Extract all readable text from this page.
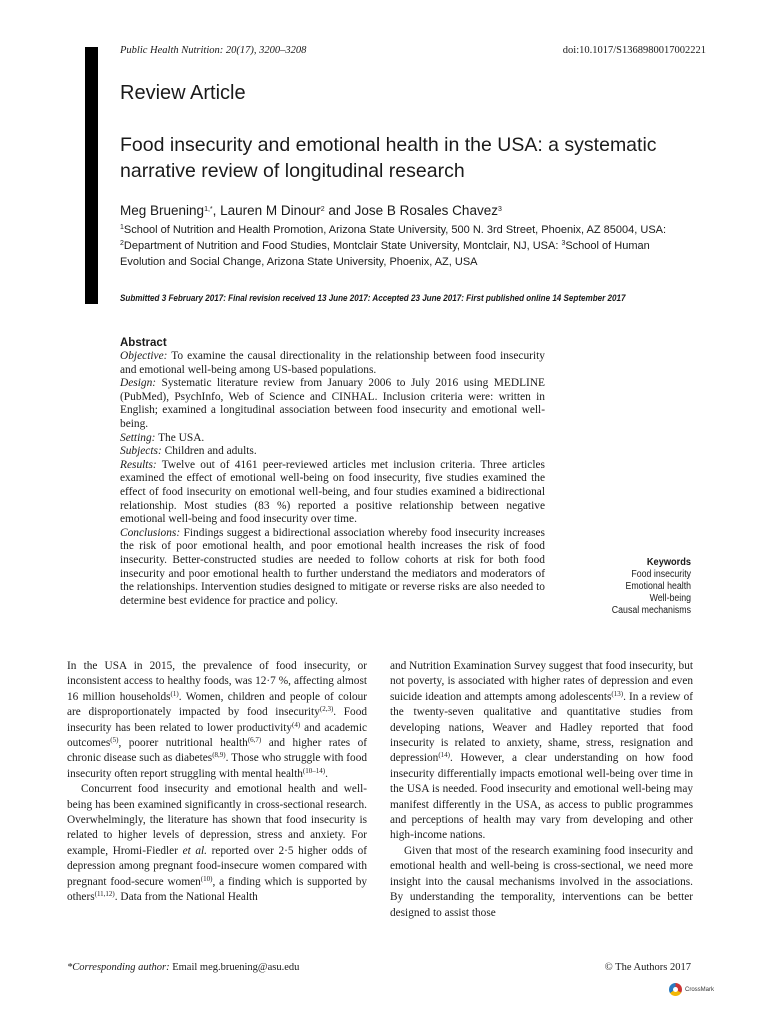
Public Health Nutrition: 20(17), 3200–3208	doi:10.1017/S1368980017002221
Review Article
Food insecurity and emotional health in the USA: a systematic narrative review of longitudinal research
Meg Bruening$^{1,*}$, Lauren M Dinour$^2$ and Jose B Rosales Chavez$^3$
$^1$School of Nutrition and Health Promotion, Arizona State University, 500 N. 3rd Street, Phoenix, AZ 85004, USA: $^2$Department of Nutrition and Food Studies, Montclair State University, Montclair, NJ, USA: $^3$School of Human Evolution and Social Change, Arizona State University, Phoenix, AZ, USA
Submitted 3 February 2017: Final revision received 13 June 2017: Accepted 23 June 2017: First published online 14 September 2017
Abstract

Objective: To examine the causal directionality in the relationship between food insecurity and emotional well-being among US-based populations.

Design: Systematic literature review from January 2006 to July 2016 using MEDLINE (PubMed), PsychInfo, Web of Science and CINHAL. Inclusion criteria were: written in English; examined a longitudinal association between food insecurity and emotional well-being.

Setting: The USA.

Subjects: Children and adults.

Results: Twelve out of 4161 peer-reviewed articles met inclusion criteria. Three articles examined the effect of emotional well-being on food insecurity, five studies examined the effect of food insecurity on emotional well-being, and four studies examined a bidirectional relationship. Most studies (83 %) reported a positive relationship between negative emotional well-being and food insecurity over time.

Conclusions: Findings suggest a bidirectional association whereby food insecurity increases the risk of poor emotional health, and poor emotional health increases the risk of food insecurity. Better-constructed studies are needed to follow cohorts at risk for both food insecurity and poor emotional health to further understand the mediators and moderators of the relationships. Intervention studies designed to mitigate or reverse risks are also needed to determine best evidence for practice and policy.

Keywords
Food insecurity
Emotional health
Well-being
Causal mechanisms

In the USA in 2015, the prevalence of food insecurity, or inconsistent access to healthy foods, was 12·7 %, affecting almost 16 million households$^{(1)}$. Women, children and people of colour are disproportionately impacted by food insecurity$^{(2,3)}$. Food insecurity has been related to lower productivity$^{(4)}$ and academic outcomes$^{(5)}$, poorer nutritional health$^{(6,7)}$ and higher rates of chronic disease such as diabetes$^{(8,9)}$. Those who struggle with food insecurity often report struggling with mental health$^{(10-14)}$.

Concurrent food insecurity and emotional health and well-being has been examined significantly in cross-sectional research. Overwhelmingly, the literature has shown that food insecurity is related to higher levels of depression, stress and anxiety. For example, Hromi-Fiedler et al. reported over 2·5 higher odds of depression among pregnant food-insecure women compared with pregnant food-secure women$^{(10)}$, a finding which is supported by others$^{(11,12)}$. Data from the National Health

and Nutrition Examination Survey suggest that food insecurity, but not poverty, is associated with higher rates of depression and even suicide ideation and attempts among adolescents$^{(13)}$. In a review of the twenty-seven qualitative and quantitative studies from developing nations, Weaver and Hadley reported that food insecurity is related to anxiety, shame, stress, resignation and depression$^{(14)}$. However, a clear understanding on how food insecurity differentially impacts emotional well-being over time in the USA is needed. Food insecurity and emotional well-being may manifest differently in the USA, as access to public programmes and perceptions of health may vary from developing and other high-income nations.

Given that most of the research examining food insecurity and emotional health and well-being is cross-sectional, we need more insight into the causal mechanisms involved in the associations. By understanding the temporality, interventions can be better designed to assist those

*Corresponding author: Email meg.bruening@asu.edu	© The Authors 2017
CrossMark
